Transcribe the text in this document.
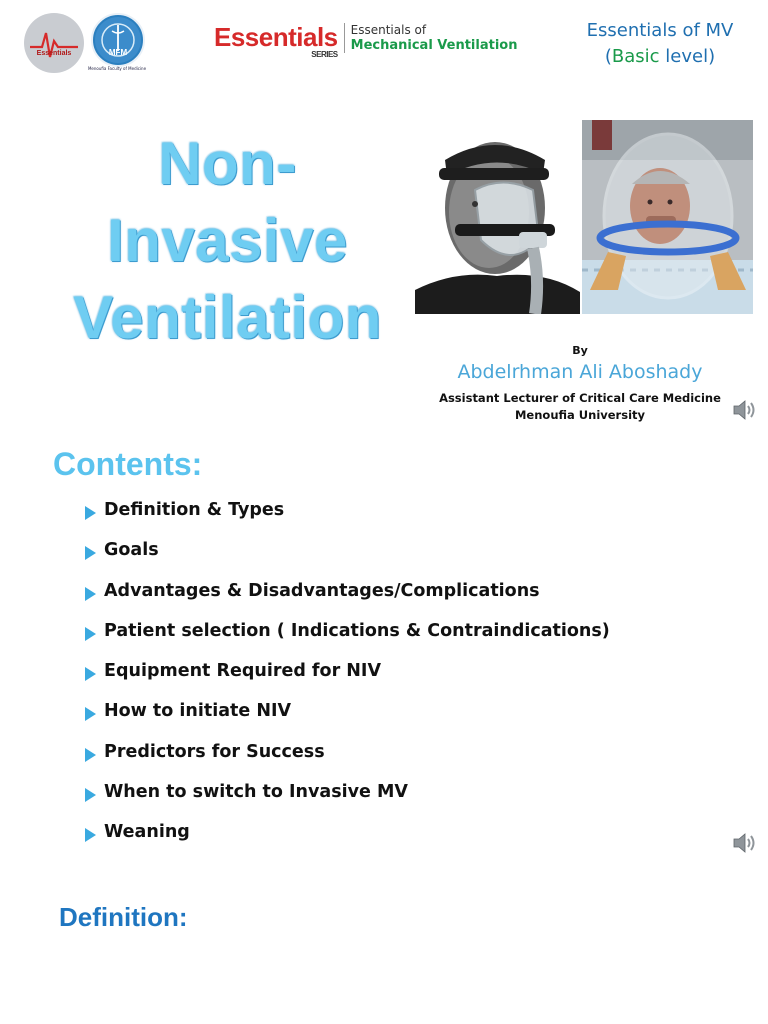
Essentials	MFM
Menoufia Faculty of Medicine
Essentials
SERIES
Essentials of
Mechanical Ventilation
Essentials of MV
(Basic level)
Non-
Invasive
Ventilation	By
Abdelrhman Ali Aboshady
Assistant Lecturer of Critical Care Medicine
Menoufia University
Contents:
Definition & Types
Goals
Advantages & Disadvantages/Complications
Patient selection ( Indications & Contraindications)
Equipment Required for NIV
How to initiate NIV
Predictors for Success
When to switch to Invasive MV
Weaning
Definition:
